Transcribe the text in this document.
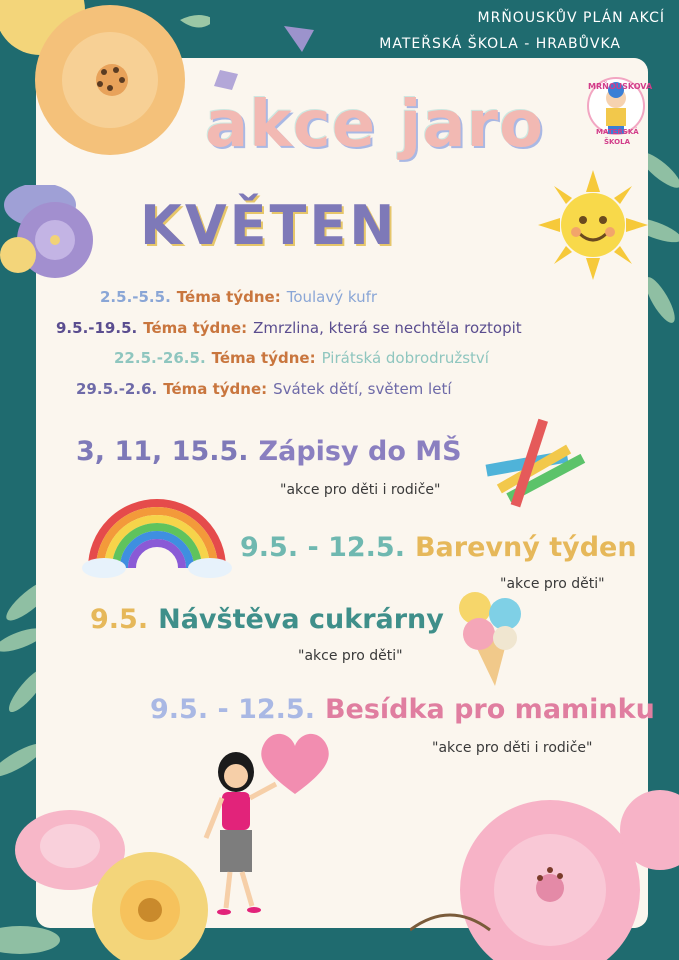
MRŇOUSKŮV PLÁN AKCÍ
MATEŘSKÁ ŠKOLA - HRABŮVKA
MRŇOUSKOVA
MATEŘSKÁ
ŠKOLA
akce jaro
KVĚTEN
2.5.-5.5. Téma týdne: Toulavý kufr
9.5.-19.5. Téma týdne: Zmrzlina, která se nechtěla roztopit
22.5.-26.5. Téma týdne: Pirátská dobrodružství
29.5.-2.6. Téma týdne: Svátek dětí, světem letí
3, 11, 15.5. Zápisy do MŠ
"akce pro děti i rodiče"
9.5. - 12.5. Barevný týden
"akce pro děti"
9.5. Návštěva cukrárny
"akce pro děti"
9.5. - 12.5. Besídka pro maminku
"akce pro děti i rodiče"
